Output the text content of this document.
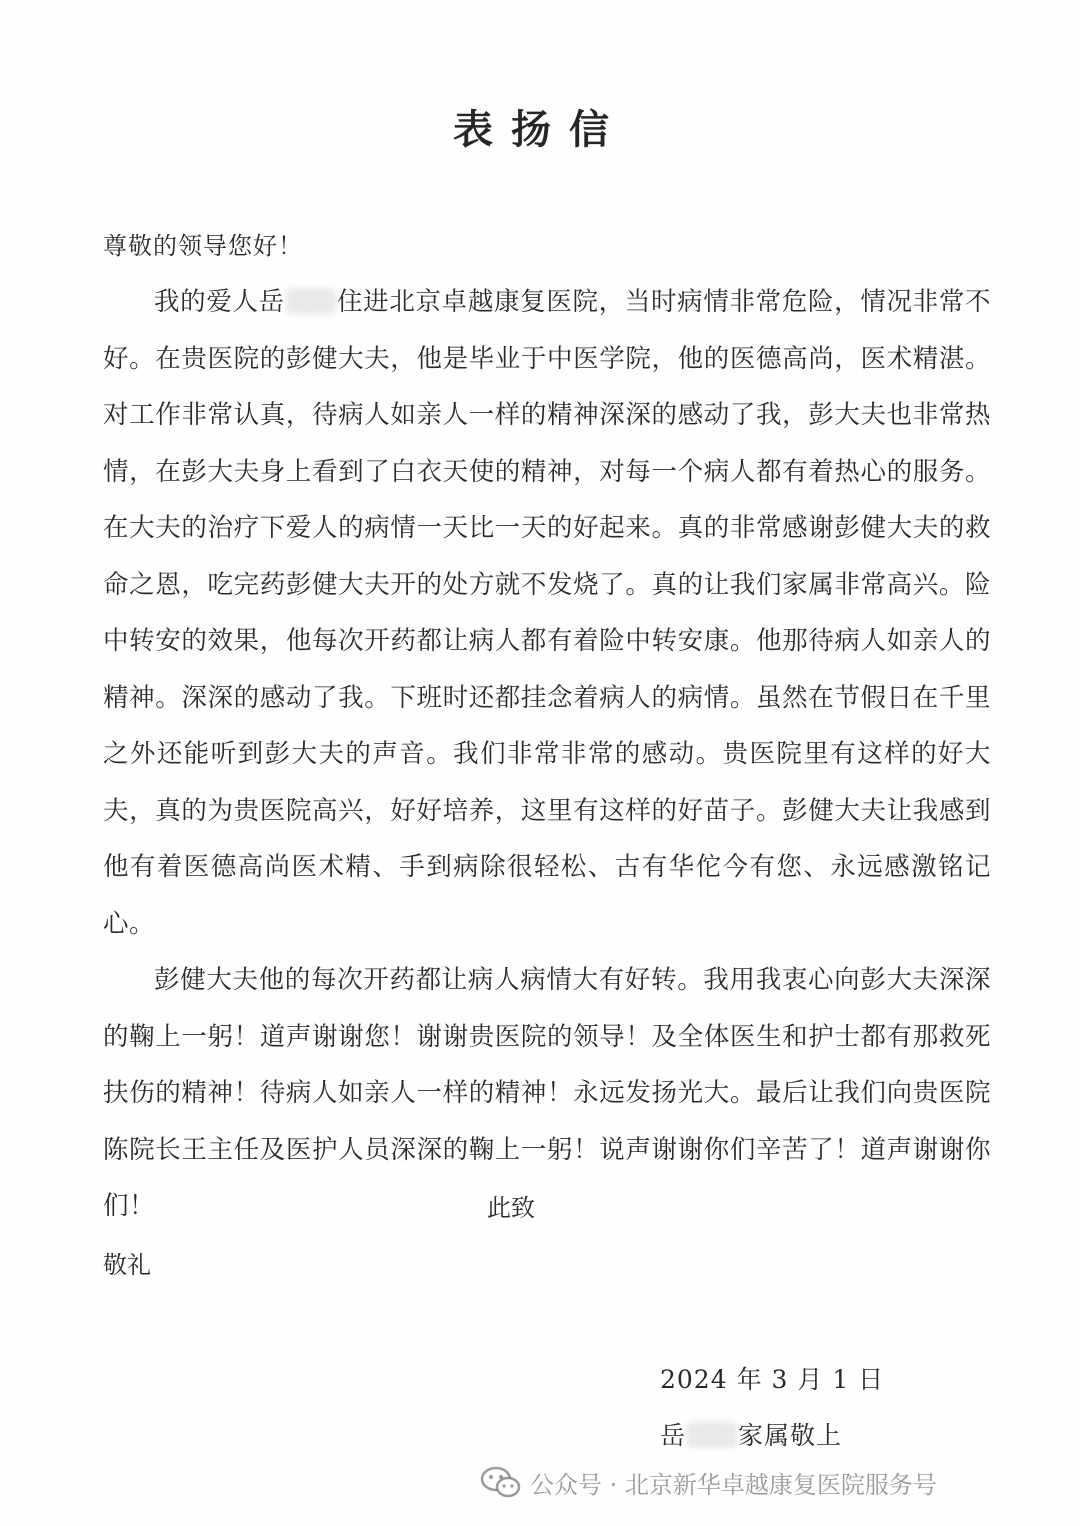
表扬信
尊敬的领导您好！

我的爱人岳 住进北京卓越康复医院，当时病情非常危险，情况非常不好。在贵医院的彭健大夫，他是毕业于中医学院，他的医德高尚，医术精湛。对工作非常认真，待病人如亲人一样的精神深深的感动了我，彭大夫也非常热情，在彭大夫身上看到了白衣天使的精神，对每一个病人都有着热心的服务。在大夫的治疗下爱人的病情一天比一天的好起来。真的非常感谢彭健大夫的救命之恩，吃完药彭健大夫开的处方就不发烧了。真的让我们家属非常高兴。险中转安的效果，他每次开药都让病人都有着险中转安康。他那待病人如亲人的精神。深深的感动了我。下班时还都挂念着病人的病情。虽然在节假日在千里之外还能听到彭大夫的声音。我们非常非常的感动。贵医院里有这样的好大夫，真的为贵医院高兴，好好培养，这里有这样的好苗子。彭健大夫让我感到他有着医德高尚医术精、手到病除很轻松、古有华佗今有您、永远感激铭记心。

彭健大夫他的每次开药都让病人病情大有好转。我用我衷心向彭大夫深深的鞠上一躬！道声谢谢您！谢谢贵医院的领导！及全体医生和护士都有那救死扶伤的精神！待病人如亲人一样的精神！永远发扬光大。最后让我们向贵医院陈院长王主任及医护人员深深的鞠上一躬！说声谢谢你们辛苦了！道声谢谢你们！	此致
敬礼
2024 年 3 月 1 日
岳 家属敬上
公众号 · 北京新华卓越康复医院服务号
